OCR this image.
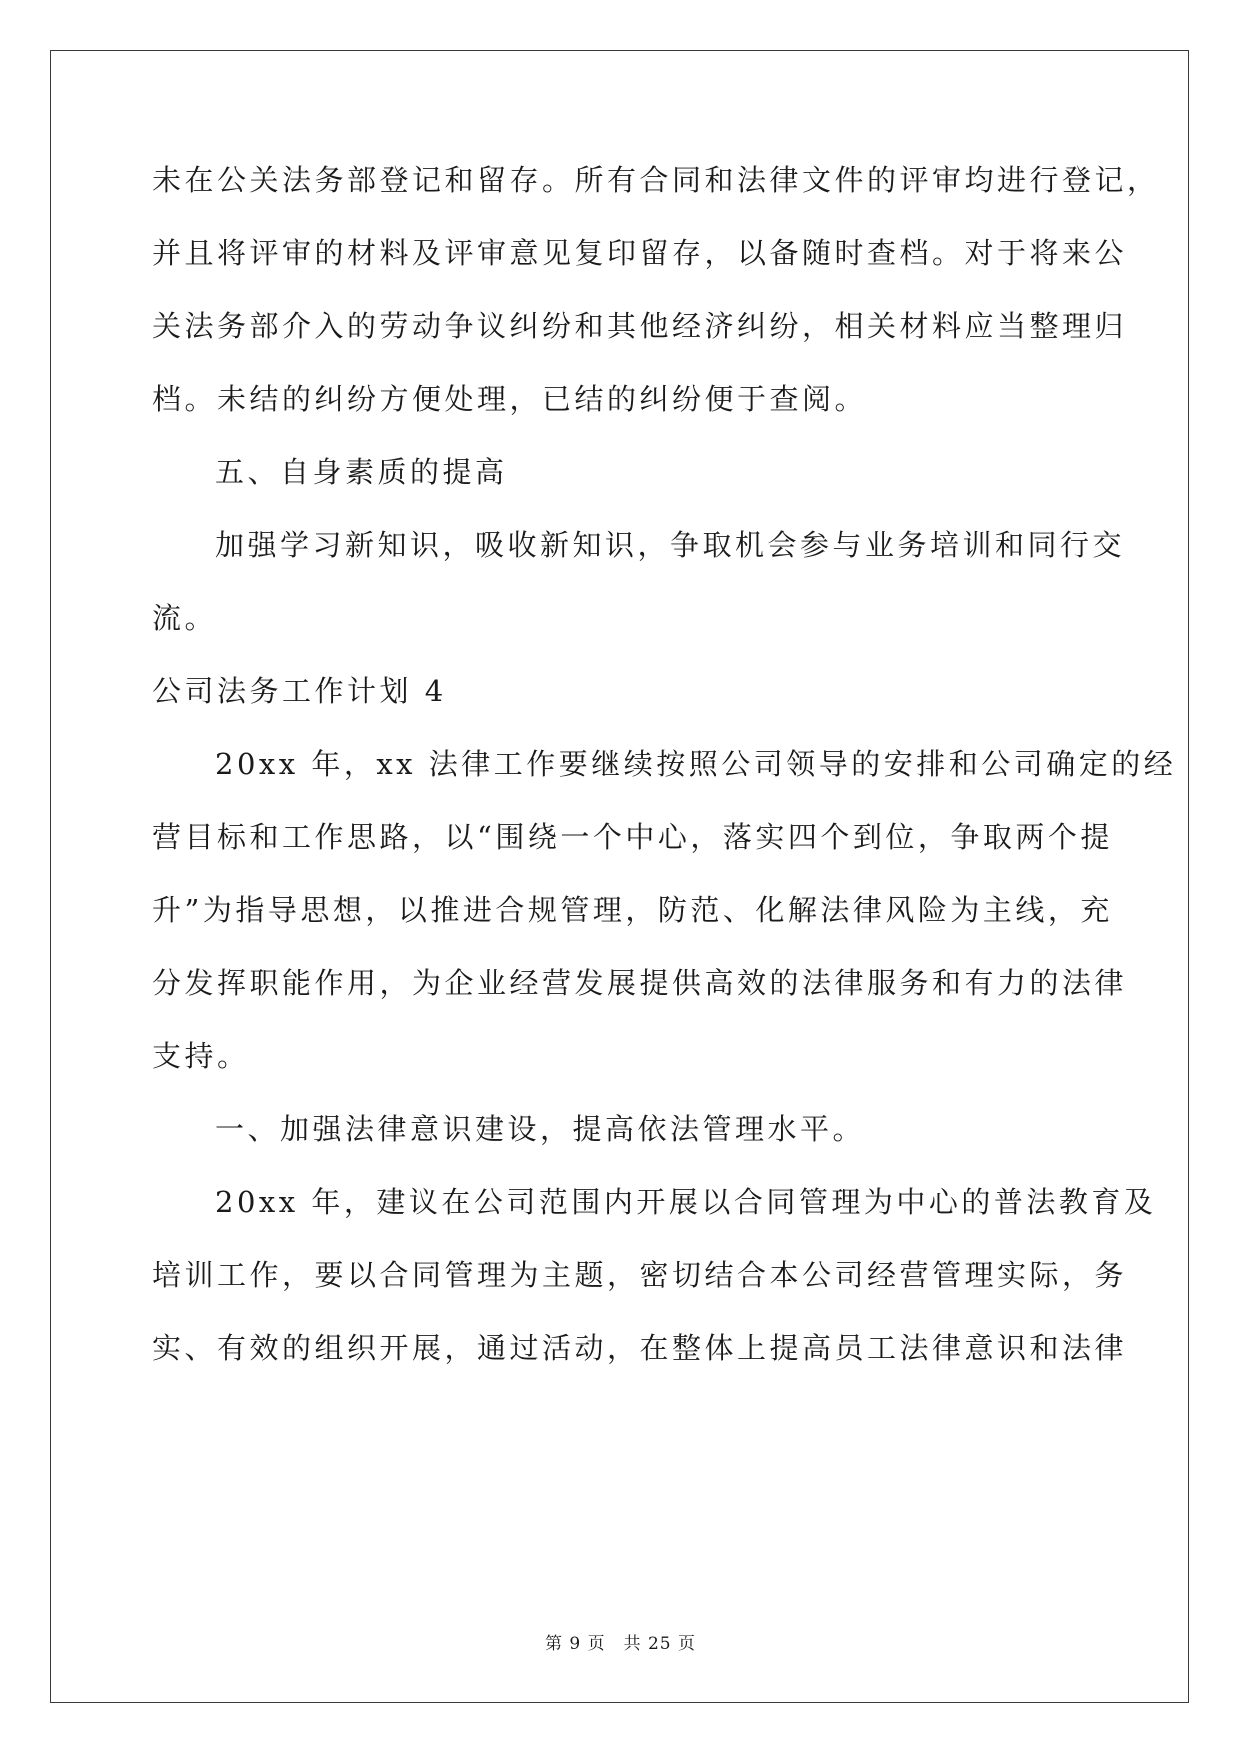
未在公关法务部登记和留存。所有合同和法律文件的评审均进行登记，
并且将评审的材料及评审意见复印留存，以备随时查档。对于将来公
关法务部介入的劳动争议纠纷和其他经济纠纷，相关材料应当整理归
档。未结的纠纷方便处理，已结的纠纷便于查阅。
五、自身素质的提高
加强学习新知识，吸收新知识，争取机会参与业务培训和同行交
流。
公司法务工作计划 4
20xx 年，xx 法律工作要继续按照公司领导的安排和公司确定的经
营目标和工作思路，以“围绕一个中心，落实四个到位，争取两个提
升”为指导思想，以推进合规管理，防范、化解法律风险为主线，充
分发挥职能作用，为企业经营发展提供高效的法律服务和有力的法律
支持。
一、加强法律意识建设，提高依法管理水平。
20xx 年，建议在公司范围内开展以合同管理为中心的普法教育及
培训工作，要以合同管理为主题，密切结合本公司经营管理实际，务
实、有效的组织开展，通过活动，在整体上提高员工法律意识和法律
第 9 页 共 25 页
